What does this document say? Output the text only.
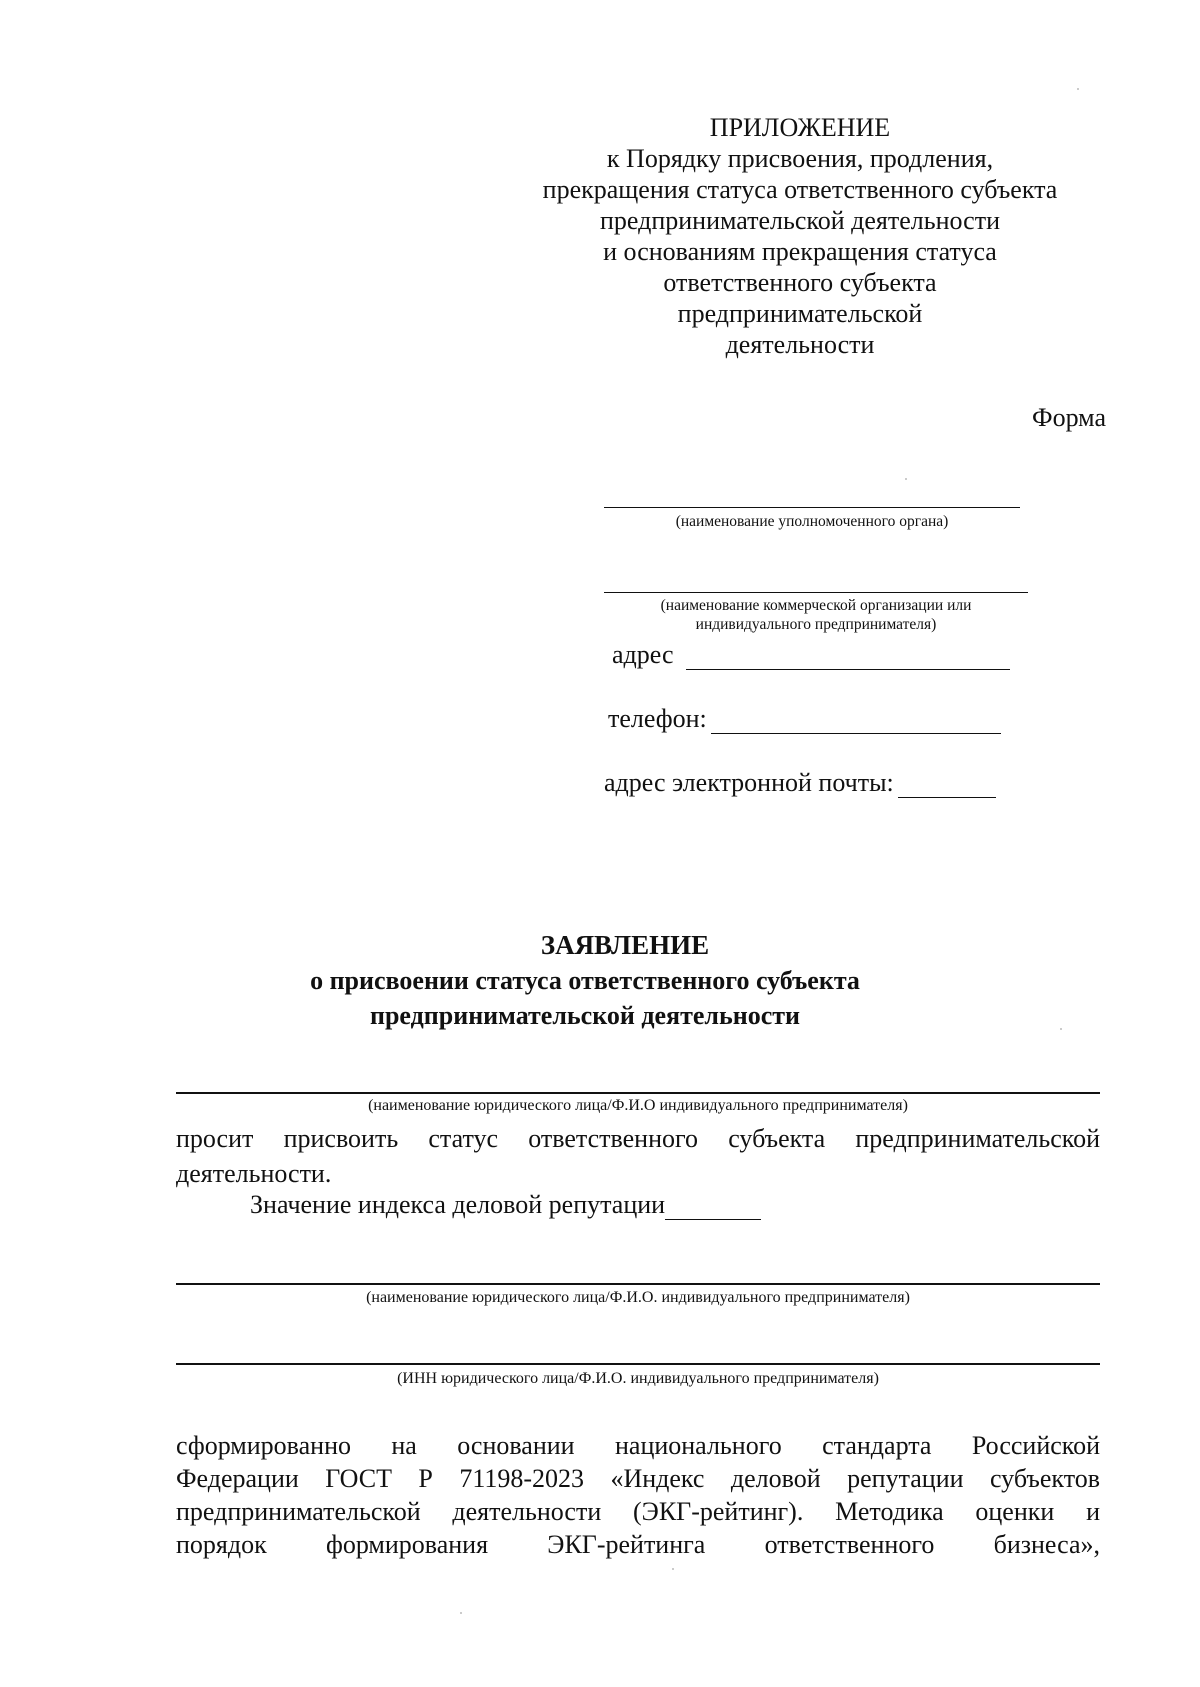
ПРИЛОЖЕНИЕ
к Порядку присвоения, продления,
прекращения статуса ответственного субъекта
предпринимательской деятельности
и основаниям прекращения статуса
ответственного субъекта
предпринимательской
деятельности
Форма
(наименование уполномоченного органа)
(наименование коммерческой организации или
индивидуального предпринимателя)
адрес
телефон:
адрес электронной почты:
ЗАЯВЛЕНИЕ
о присвоении статуса ответственного субъекта
предпринимательской деятельности
(наименование юридического лица/Ф.И.О индивидуального предпринимателя)
просит присвоить статус ответственного субъекта предпринимательской
деятельности.
Значение индекса деловой репутации
(наименование юридического лица/Ф.И.О. индивидуального предпринимателя)
(ИНН юридического лица/Ф.И.О. индивидуального предпринимателя)
сформированно на основании национального стандарта Российской
Федерации ГОСТ Р 71198-2023 «Индекс деловой репутации субъектов
предпринимательской деятельности (ЭКГ-рейтинг). Методика оценки и
порядок формирования ЭКГ-рейтинга ответственного бизнеса»,
